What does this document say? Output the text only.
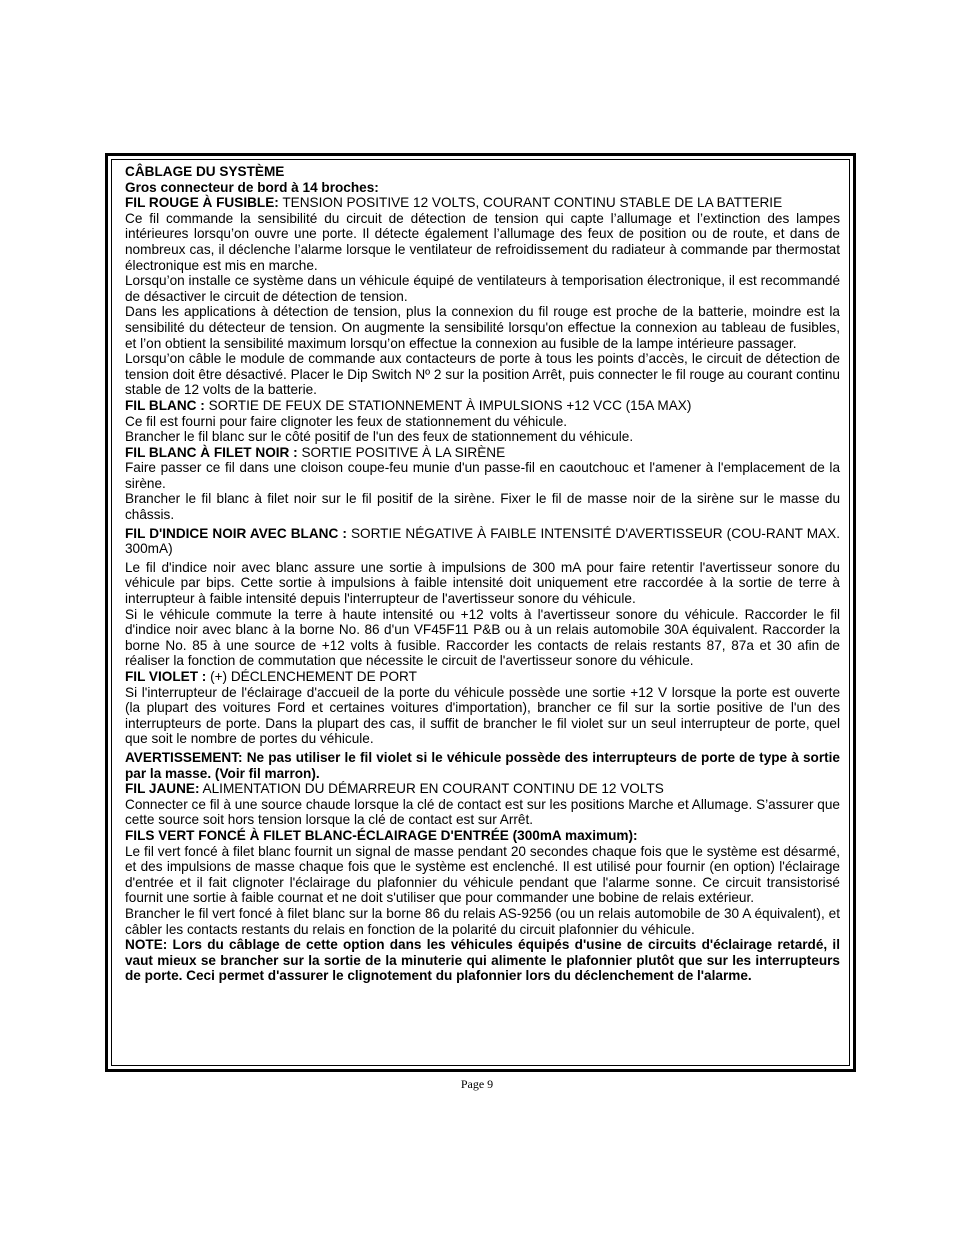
CÂBLAGE DU SYSTÈME

Gros connecteur de bord à 14 broches:

FIL ROUGE À FUSIBLE: TENSION POSITIVE 12 VOLTS, COURANT CONTINU STABLE DE LA BATTERIE

Ce fil commande la sensibilité du circuit de détection de tension qui capte l’allumage et l’extinction des lampes intérieures lorsqu’on ouvre une porte. Il détecte également l’allumage des feux de position ou de route, et dans de nombreux cas, il déclenche l’alarme lorsque le ventilateur de refroidissement du radiateur à commande par thermostat électronique est mis en marche.

Lorsqu’on installe ce système dans un véhicule équipé de ventilateurs à temporisation électronique, il est recommandé de désactiver le circuit de détection de tension.

Dans les applications à détection de tension, plus la connexion du fil rouge est proche de la batterie, moindre est la sensibilité du détecteur de tension. On augmente la sensibilité lorsqu'on effectue la connexion au tableau de fusibles, et l’on obtient la sensibilité maximum lorsqu’on effectue la connexion au fusible de la lampe intérieure passager.

Lorsqu’on câble le module de commande aux contacteurs de porte à tous les points d’accès, le circuit de détection de tension doit être désactivé. Placer le Dip Switch Nº 2 sur la position Arrêt, puis connecter le fil rouge au courant continu stable de 12 volts de la batterie.

FIL BLANC : SORTIE DE FEUX DE STATIONNEMENT À IMPULSIONS +12 VCC (15A MAX)

Ce fil est fourni pour faire clignoter les feux de stationnement du véhicule.

Brancher le fil blanc sur le côté positif de l'un des feux de stationnement du véhicule.

FIL BLANC À FILET NOIR : SORTIE POSITIVE À LA SIRÈNE

Faire passer ce fil dans une cloison coupe-feu munie d'un passe-fil en caoutchouc et l'amener à l'emplacement de la sirène.

Brancher le fil blanc à filet noir sur le fil positif de la sirène. Fixer le fil de masse noir de la sirène sur le masse du châssis.

FIL D'INDICE NOIR AVEC BLANC : SORTIE NÉGATIVE À FAIBLE INTENSITÉ D'AVERTISSEUR (COU-RANT MAX. 300mA)

Le fil d'indice noir avec blanc assure une sortie à impulsions de 300 mA pour faire retentir l'avertisseur sonore du véhicule par bips. Cette sortie à impulsions à faible intensité doit uniquement etre raccordée à la sortie de terre à interrupteur à faible intensité depuis l'interrupteur de l'avertisseur sonore du véhicule.

Si le véhicule commute la terre à haute intensité ou +12 volts à l'avertisseur sonore du véhicule. Raccorder le fil d'indice noir avec blanc à la borne No. 86 d'un VF45F11 P&B ou à un relais automobile 30A équivalent. Raccorder la borne No. 85 à une source de +12 volts à fusible. Raccorder les contacts de relais restants 87, 87a et 30 afin de réaliser la fonction de commutation que nécessite le circuit de l'avertisseur sonore du véhicule.

FIL VIOLET : (+) DÉCLENCHEMENT DE PORT

Si l'interrupteur de l'éclairage d'accueil de la porte du véhicule possède une sortie +12 V lorsque la porte est ouverte (la plupart des voitures Ford et certaines voitures d'importation), brancher ce fil sur la sortie positive de l'un des interrupteurs de porte. Dans la plupart des cas, il suffit de brancher le fil violet sur un seul interrupteur de porte, quel que soit le nombre de portes du véhicule.

AVERTISSEMENT: Ne pas utiliser le fil violet si le véhicule possède des interrupteurs de porte de type à sortie par la masse. (Voir fil marron).

FIL JAUNE: ALIMENTATION DU DÉMARREUR EN COURANT CONTINU DE 12 VOLTS

Connecter ce fil à une source chaude lorsque la clé de contact est sur les positions Marche et Allumage. S’assurer que cette source soit hors tension lorsque la clé de contact est sur Arrêt.

FILS VERT FONCÉ À FILET BLANC-ÉCLAIRAGE D'ENTRÉE (300mA maximum):

Le fil vert foncé à filet blanc fournit un signal de masse pendant 20 secondes chaque fois que le système est désarmé, et des impulsions de masse chaque fois que le système est enclenché. Il est utilisé pour fournir (en option) l'éclairage d'entrée et il fait clignoter l'éclairage du plafonnier du véhicule pendant que l'alarme sonne. Ce circuit transistorisé fournit une sortie à faible cournat et ne doit s'utiliser que pour commander une bobine de relais extérieur.

Brancher le fil vert foncé à filet blanc sur la borne 86 du relais AS-9256 (ou un relais automobile de 30 A équivalent), et câbler les contacts restants du relais en fonction de la polarité du circuit plafonnier du véhicule.

NOTE: Lors du câblage de cette option dans les véhicules équipés d'usine de circuits d'éclairage retardé, il vaut mieux se brancher sur la sortie de la minuterie qui alimente le plafonnier plutôt que sur les interrupteurs de porte. Ceci permet d'assurer le clignotement du plafonnier lors du déclenchement de l'alarme.

Page 9
